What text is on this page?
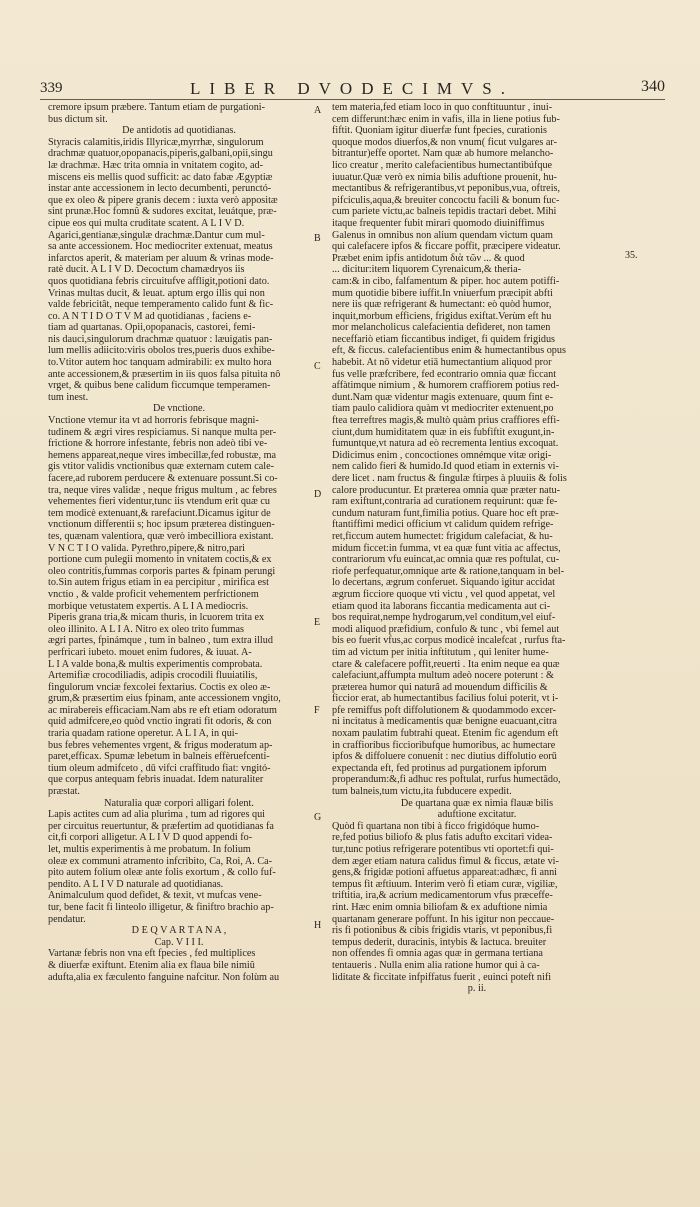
339	LIBER DVODECIMVS.	340

cremore ipsum præbere. Tantum etiam de purgationi-

bus dictum sit.

De antidotis ad quotidianas.

Styracis calamitis,iridis Illyricæ,myrrhæ, singulorum

drachmæ quatuor,opopanacis,piperis,galbani,opii,singu

læ drachmæ. Hæc trita omnia in vnitatem cogito, ad-

miscens eis mellis quod sufficit: ac dato fabæ Ægyptiæ

instar ante accessionem in lecto decumbenti, perunctó-

que ex oleo & pipere granis decem : iuxta verò appositæ

sint prunæ.Hoc fomnû & sudores excitat, leuátque, præ-

cipue eos qui multa cruditate scatent. A L I V D.

Agarici,gentianæ,singulæ drachmæ.Dantur cum mul-

sa ante accessionem. Hoc mediocriter extenuat, meatus

infarctos aperit, & materiam per aluum & vrinas mode-

ratè ducit. A L I V D. Decoctum chamædryos iis

quos quotidiana febris circuitufve affligit,potioni dato.

Vrinas multas ducit, & leuat. aptum ergo illis qui non

valde febricitât, neque temperamento calido funt & fic-

co. A N T I D O T V M ad quotidianas , faciens e-

tiam ad quartanas. Opii,opopanacis, castorei, femi-

nis dauci,singulorum drachmæ quatuor : læuigatis pan-

lum mellis adiicito:viris obolos tres,pueris duos exhibe-

to.Vtitor autem hoc tanquam admirabili: ex multo hora

ante accessionem,& præsertim in iis quos falsa pituita nô

vrget, & quibus bene calidum ficcumque temperamen-

tum inest.

De vnctione.

Vnctione vtemur ita vt ad horroris febrisque magni-

tudinem & ægri vires respiciamus. Si nanque multa per-

frictione & horrore infestante, febris non adeò tibi ve-

hemens appareat,neque vires imbecillæ,fed robustæ, ma

gis vtitor validis vnctionibus quæ externam cutem cale-

facere,ad ruborem perducere & extenuare possunt.Si co-

tra, neque vires validæ , neque frigus multum , ac febres

vehementes fieri videntur,tunc iis vtendum erit quæ cu

tem modicè extenuant,& rarefaciunt.Dicamus igitur de

vnctionum differentii s; hoc ipsum præterea distinguen-

tes, quænam valentiora, quæ verò imbecilliora existant.

V N C T I O valida. Pyrethro,pipere,& nitro,pari

portione cum pulegii momento in vnitatem coctis,& ex

oleo contritis,fummas corporis partes & fpinam perungi

to.Sin autem frigus etiam in ea percipitur , mirifica est

vnctio , & valde proficit vehementem perfrictionem

morbique vetustatem expertis. A L I A mediocris.

Piperis grana tria,& micam thuris, in lcuorem trita ex

oleo illinito. A L I A. Nitro ex oleo trito fummas

ægri partes, fpinámque , tum in balneo , tum extra illud

perfricari iubeto. mouet enim fudores, & iuuat. A-

L I A valde bona,& multis experimentis comprobata.

Artemifiæ crocodiliadis, adipis crocodili fluuiatilis,

fingulorum vnciæ fexcolei fextarius. Coctis ex oleo æ-

grum,& præsertim eius fpinam, ante accessionem vngito,

ac mirabereis efficaciam.Nam abs re eft etiam odoratum

quid admifcere,eo quòd vnctio ingrati fit odoris, & con

traria quadam ratione operetur. A L I A, in qui-

bus febres vehementes vrgent, & frigus moderatum ap-

paret,efficax. Spumæ lebetum in balneis effèruefcenti-

tium oleum admifceto , dū vifci craffitudo fiat: vngitó-

que corpus antequam febris inuadat. Idem naturaliter

præstat.

Naturalia quæ corpori alligari folent.

Lapis actites cum ad alia plurima , tum ad rigores qui

per circuitus reuertuntur, & præfertim ad quotidianas fa

cit,fi corpori alligetur. A L I V D quod appendi fo-

let, multis experimentis à me probatum. In folium

oleæ ex communi atramento infcribito, Ca, Roi, A. Ca-

pito autem folium oleæ ante folis exortum , & collo fuf-

pendito. A L I V D naturale ad quotidianas.

Animalculum quod defidet, & texit, vt mufcas vene-

tur, bene facit fi linteolo illigetur, & finiftro brachio ap-

pendatur.

D E Q V A R T A N A ,

Cap. V I I I.

Vartanæ febris non vna eft fpecies , fed multiplices

& diuerfæ exiftunt. Etenim alia ex flaua bile nimiû

adufta,alia ex fæculento fanguine nafcitur. Non folùm au

A
B
C
D
E
F
G
H

tem materia,fed etiam loco in quo conftituuntur , inui-

cem differunt:hæc enim in vafis, illa in liene potius fub-

fiftit. Quoniam igitur diuerfæ funt fpecies, curationis

quoque modos diuerfos,& non vnum( ficut vulgares ar-

bitrantur)effe oportet. Nam quæ ab humore melancho-

lico creatur , merito calefacientibus humectantibúfque

iuuatur.Quæ verò ex nimia bilis aduftione prouenit, hu-

mectantibus & refrigerantibus,vt peponibus,vua, oftreis,

pifciculis,aqua,& breuiter concoctu facili & bonum fuc-

cum pariete victu,ac balneis tepidis tractari debet. Mihi

itaque frequenter fubit mirari quomodo diuiniffimus

Galenus in omnibus non alium quendam victum quam

qui calefacere ipfos & ficcare poffit, præcipere videatur.

Præbet enim ipfis antidotum διὰ τῶν ... & quod

... dicitur:item liquorem Cyrenaicum,& theria-

cam:& in cibo, falfamentum & piper. hoc autem potiffi-

mum quotidie bibere iuffit.In vniuerfum præcipit abfti

nere iis quæ refrigerant & humectant: eò quòd humor,

inquit,morbum efficiens, frigidus exiftat.Verùm eft hu

mor melancholicus calefacientia defideret, non tamen

neceffariò etiam ficcantibus indiget, fi quidem frigidus

eft, & ficcus. calefacientibus enim & humectantibus opus

habebit. At nō videtur etiā humectantium aliquod pror

fus velle præfcribere, fed econtrario omnia quæ ficcant

affàtimque nimium , & humorem craffiorem potius red-

dunt.Nam quæ videntur magis extenuare, quum fint e-

tiam paulo calidiora quàm vt mediocriter extenuent,po

ftea terreftres magis,& multò quàm prius craffiores effi-

ciunt,dum humiditatem quæ in eis fubfiftit exugunt,in-

fumuntque,vt natura ad eò recrementa lentius excoquat.

Didicimus enim , concoctiones omnémque vitæ origi-

nem calido fieri & humido.Id quod etiam in externis vi-

dere licet . nam fructus & fingulæ ftirpes à pluuiis & folis

calore producuntur. Et præterea omnia quæ præter natu-

ram exiftunt,contraria ad curationem requirunt: quæ fe-

cundum naturam funt,fimilia potius. Quare hoc eft præ-

ftantiffimi medici officium vt calidum quidem refrige-

ret,ficcum autem humectet: frigidum calefaciat, & hu-

midum ficcet:in fumma, vt ea quæ funt vitia ac affectus,

contrariorum vfu euincat,ac omnia quæ res poftulat, cu-

riofe perfequatur,omnique arte & ratione,tanquam in bel-

lo decertans, ægrum conferuet. Siquando igitur accidat

ægrum ficciore quoque vti victu , vel quod appetat, vel

etiam quod ita laborans ficcantia medicamenta aut ci-

bos requirat,nempe hydrogarum,vel conditum,vel eiuf-

modi aliquod præfidium, confulo & tunc , vbi femel aut

bis eo fuerit vfus,ac corpus modicè incalefcat , rurfus fta-

tim ad victum per initia inftitutum , qui leniter hume-

ctare & calefacere poffit,reuerti . Ita enim neque ea quæ

calefaciunt,affumpta multum adeò nocere poterunt : &

præterea humor qui naturâ ad mouendum difficilis &

ficcior erat, ab humectantibus facilius folui poterit, vt i-

pfe remiffus poft diffolutionem & quodammodo excer-

ni incitatus à medicamentis quæ benigne euacuant,citra

noxam paulatim fubtrahi queat. Etenim fic agendum eft

in craffioribus ficcioribufque humoribus, ac humectare

ipfos & diffoluere conuenit : nec diutius diffolutio eorū

expectanda eft, fed protinus ad purgationem ipforum

properandum:&,fi adhuc res poftulat, rurfus humectādo,

tum balneis,tum victu,ita fubducere expedit.

De quartana quæ ex nimia flauæ bilis

aduftione excitatur.

Quòd fi quartana non tibi à ficco frigidóque humo-

re,fed potius biliofo & plus fatis adufto excitari videa-

tur,tunc potius refrigerare potentibus vti oportet:fi qui-

dem æger etiam natura calidus fimul & ficcus, ætate vi-

gens,& frigidæ potioni affuetus appareat:adhæc, fi anni

tempus fit æftiuum. Interim verò fi etiam curæ, vigiliæ,

triftitia, ira,& acrium medicamentorum vfus præceffe-

rint. Hæc enim omnia biliofam & ex aduftione nimia

quartanam generare poffunt. In his igitur non peccaue-

ris fi potionibus & cibis frigidis vtaris, vt peponibus,fi

tempus dederit, duracinis, intybis & lactuca. breuiter

non offendes fi omnia agas quæ in germana tertiana

tentaueris . Nulla enim alia ratione humor qui à ca-

liditate & ficcitate infpiffatus fuerit , euinci poteft nifi

p. ii.

35.
